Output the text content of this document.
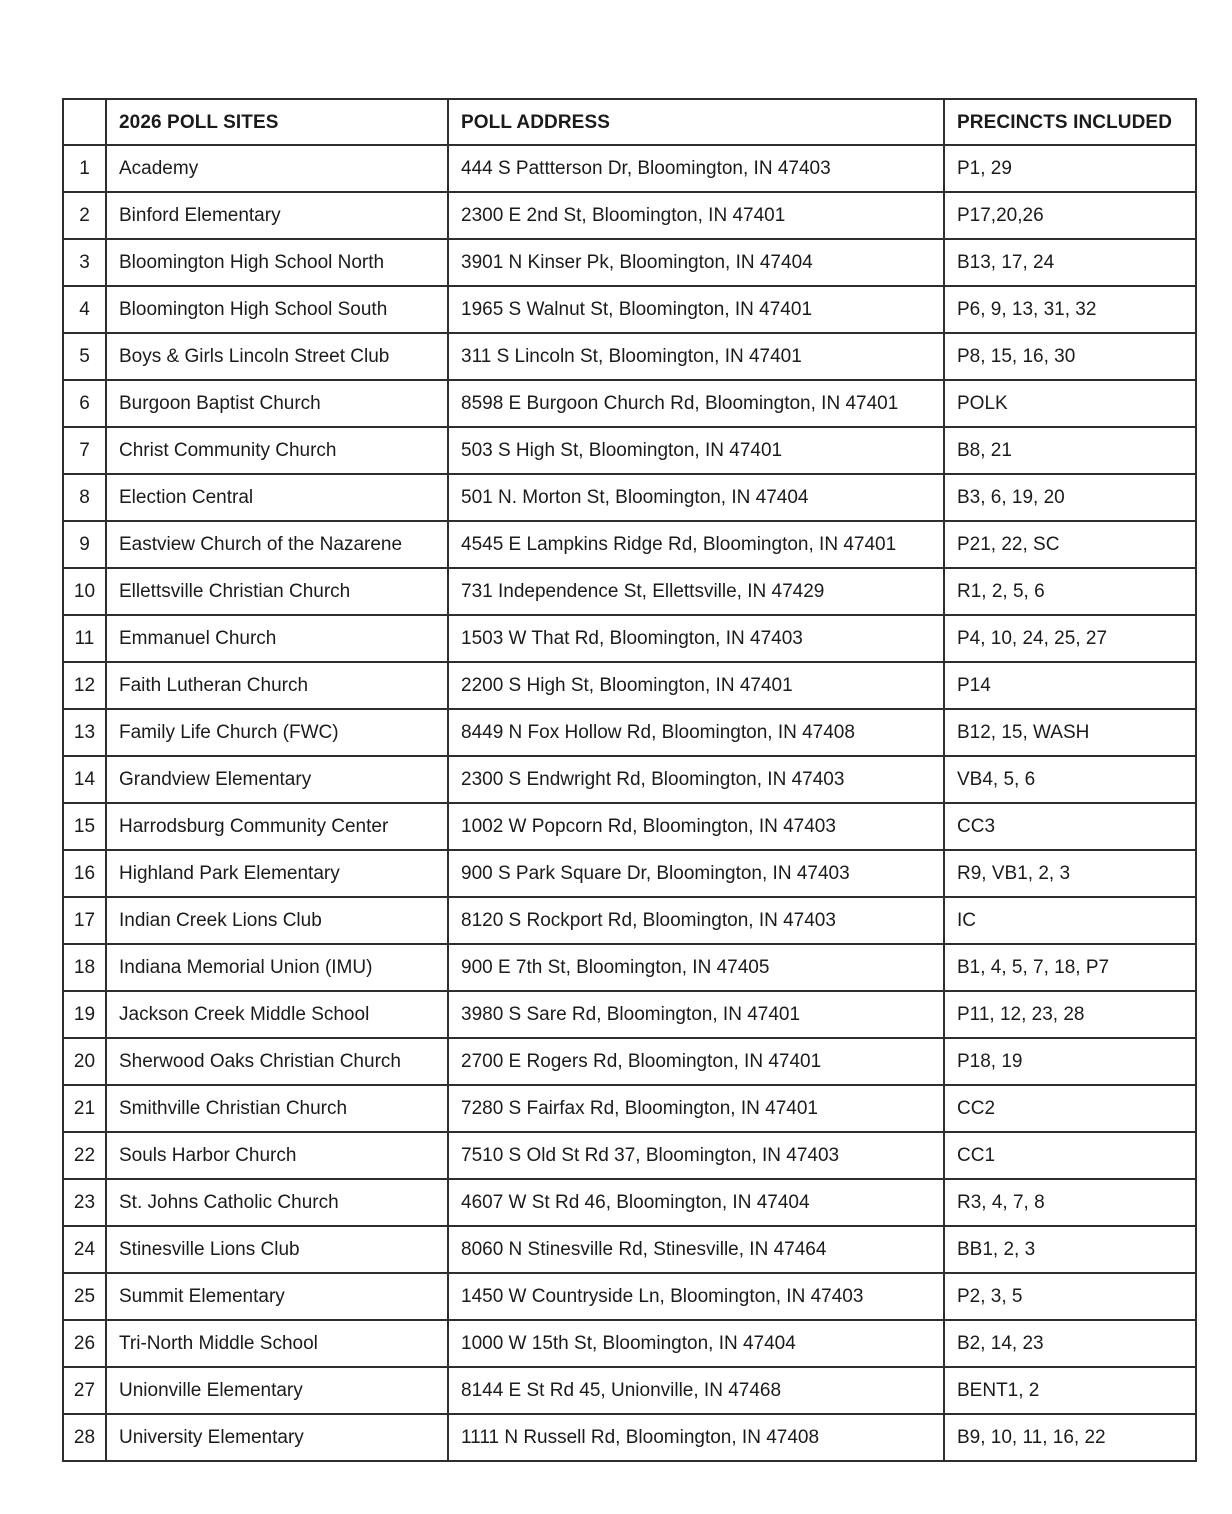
	2026 POLL SITES	POLL ADDRESS	PRECINCTS INCLUDED
1	Academy	444 S Pattterson Dr, Bloomington, IN 47403	P1, 29
2	Binford Elementary	2300 E 2nd St, Bloomington, IN 47401	P17,20,26
3	Bloomington High School North	3901 N Kinser Pk, Bloomington, IN 47404	B13, 17, 24
4	Bloomington High School South	1965 S Walnut St, Bloomington, IN 47401	P6, 9, 13, 31, 32
5	Boys & Girls Lincoln Street Club	311 S Lincoln St, Bloomington, IN 47401	P8, 15, 16, 30
6	Burgoon Baptist Church	8598 E Burgoon Church Rd, Bloomington, IN 47401	POLK
7	Christ Community Church	503 S High St, Bloomington, IN 47401	B8, 21
8	Election Central	501 N. Morton St, Bloomington, IN 47404	B3, 6, 19, 20
9	Eastview Church of the Nazarene	4545 E Lampkins Ridge Rd, Bloomington, IN 47401	P21, 22, SC
10	Ellettsville Christian Church	731 Independence St, Ellettsville, IN 47429	R1, 2, 5, 6
11	Emmanuel Church	1503 W That Rd, Bloomington, IN 47403	P4, 10, 24, 25, 27
12	Faith Lutheran Church	2200 S High St, Bloomington, IN 47401	P14
13	Family Life Church (FWC)	8449 N Fox Hollow Rd, Bloomington, IN 47408	B12, 15, WASH
14	Grandview Elementary	2300 S Endwright Rd, Bloomington, IN 47403	VB4, 5, 6
15	Harrodsburg Community Center	1002 W Popcorn Rd, Bloomington, IN 47403	CC3
16	Highland Park Elementary	900 S Park Square Dr, Bloomington, IN 47403	R9, VB1, 2, 3
17	Indian Creek Lions Club	8120 S Rockport Rd, Bloomington, IN 47403	IC
18	Indiana Memorial Union (IMU)	900 E 7th St, Bloomington, IN 47405	B1, 4, 5, 7, 18, P7
19	Jackson Creek Middle School	3980 S Sare Rd, Bloomington, IN 47401	P11, 12, 23, 28
20	Sherwood Oaks Christian Church	2700 E Rogers Rd, Bloomington, IN 47401	P18, 19
21	Smithville Christian Church	7280 S Fairfax Rd, Bloomington, IN 47401	CC2
22	Souls Harbor Church	7510 S Old St Rd 37, Bloomington, IN 47403	CC1
23	St. Johns Catholic Church	4607 W St Rd 46, Bloomington, IN 47404	R3, 4, 7, 8
24	Stinesville Lions Club	8060 N Stinesville Rd, Stinesville, IN 47464	BB1, 2, 3
25	Summit Elementary	1450 W Countryside Ln, Bloomington, IN 47403	P2, 3, 5
26	Tri-North Middle School	1000 W 15th St, Bloomington, IN 47404	B2, 14, 23
27	Unionville Elementary	8144 E St Rd 45, Unionville, IN 47468	BENT1, 2
28	University Elementary	1111 N Russell Rd, Bloomington, IN 47408	B9, 10, 11, 16, 22
